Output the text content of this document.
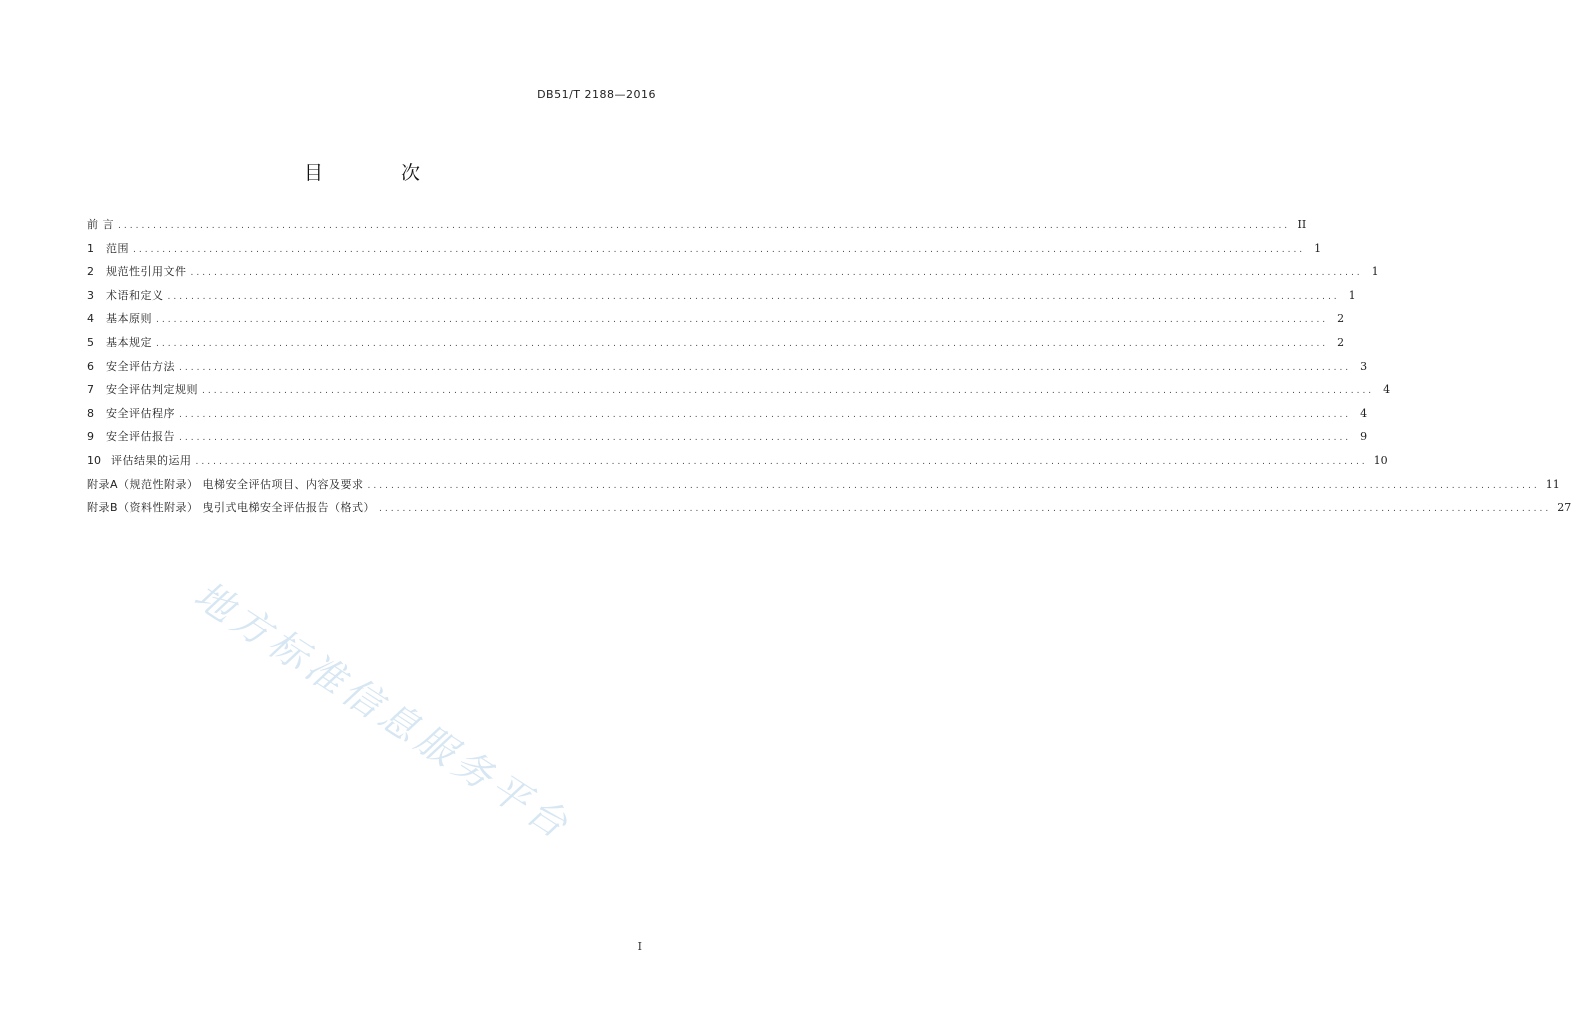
DB51/T 2188—2016
目 次
前 言 ........................................................................................................................................................................................................ II
1 范围 ........................................................................................................................................................................................................ 1
2 规范性引用文件 ........................................................................................................................................................................................................ 1
3 术语和定义 ........................................................................................................................................................................................................ 1
4 基本原则 ........................................................................................................................................................................................................ 2
5 基本规定 ........................................................................................................................................................................................................ 2
6 安全评估方法 ........................................................................................................................................................................................................ 3
7 安全评估判定规则 ........................................................................................................................................................................................................ 4
8 安全评估程序 ........................................................................................................................................................................................................ 4
9 安全评估报告 ........................................................................................................................................................................................................ 9
10 评估结果的运用 ........................................................................................................................................................................................................ 10
附录A（规范性附录） 电梯安全评估项目、内容及要求 ........................................................................................................................................................................................................ 11
附录B（资料性附录） 曳引式电梯安全评估报告（格式） ........................................................................................................................................................................................................ 27
地方标准信息服务平台
I
